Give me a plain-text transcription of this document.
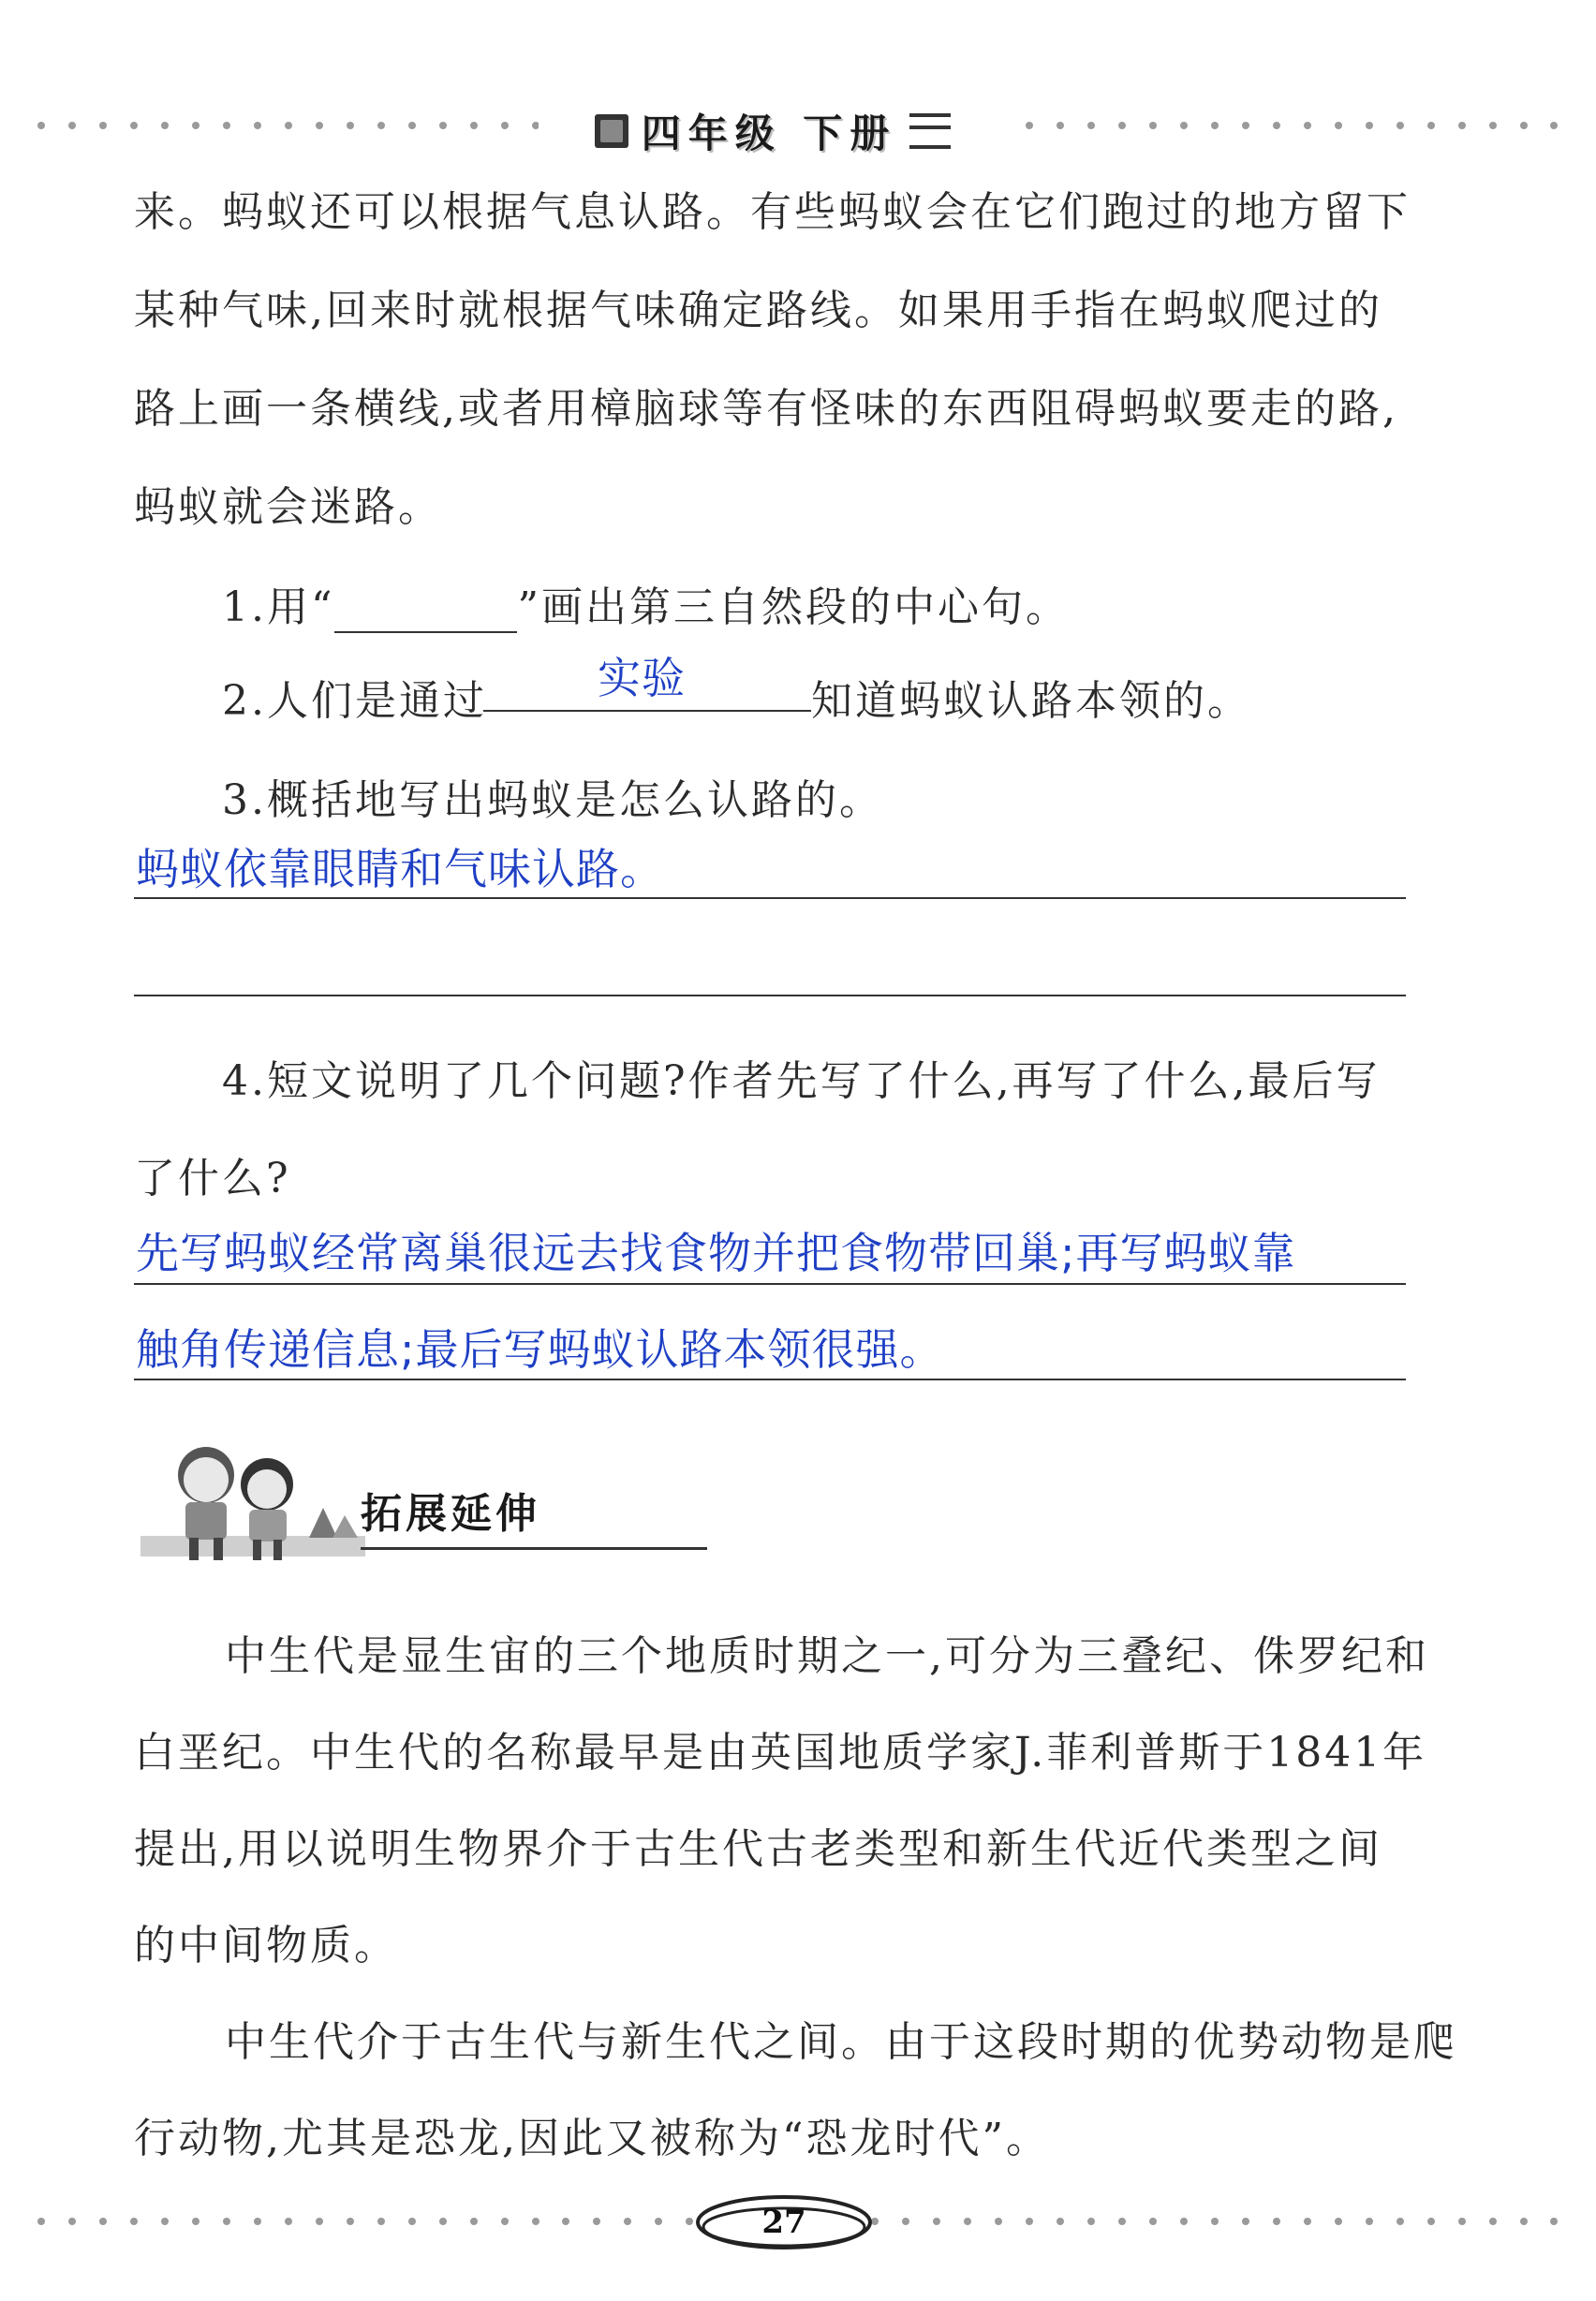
四年级 下册
来。蚂蚁还可以根据气息认路。有些蚂蚁会在它们跑过的地方留下
某种气味,回来时就根据气味确定路线。如果用手指在蚂蚁爬过的
路上画一条横线,或者用樟脑球等有怪味的东西阻碍蚂蚁要走的路,
蚂蚁就会迷路。
1.用“	”画出第三自然段的中心句。
2.人们是通过	实验	知道蚂蚁认路本领的。
3.概括地写出蚂蚁是怎么认路的。
蚂蚁依靠眼睛和气味认路。
4.短文说明了几个问题?作者先写了什么,再写了什么,最后写
了什么?
先写蚂蚁经常离巢很远去找食物并把食物带回巢;再写蚂蚁靠
触角传递信息;最后写蚂蚁认路本领很强。
拓展延伸
中生代是显生宙的三个地质时期之一,可分为三叠纪、侏罗纪和
白垩纪。中生代的名称最早是由英国地质学家J.菲利普斯于1841年
提出,用以说明生物界介于古生代古老类型和新生代近代类型之间
的中间物质。
中生代介于古生代与新生代之间。由于这段时期的优势动物是爬
行动物,尤其是恐龙,因此又被称为“恐龙时代”。
27
